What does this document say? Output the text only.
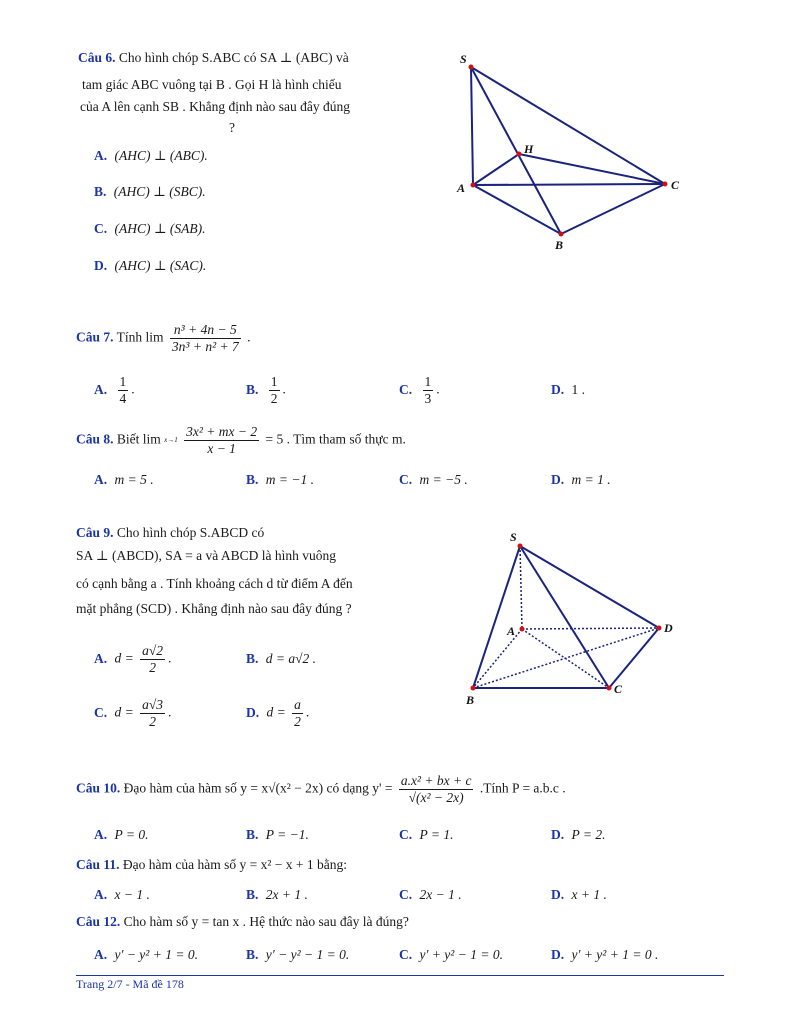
Câu 6. Cho hình chóp S.ABC có SA ⊥ (ABC) và
tam giác ABC vuông tại B . Gọi H là hình chiếu
của A lên cạnh SB . Khẳng định nào sau đây đúng
?
A. (AHC) ⊥ (ABC).
B. (AHC) ⊥ (SBC).
C. (AHC) ⊥ (SAB).
D. (AHC) ⊥ (SAC).
S
H
A	C
B
Câu 7. Tính $\lim \frac{\text{n³ + 4n − 5}}{\text{3n³ + n² + 7}}$ .
A. $\frac{1}{4}$ .	B. $\frac{1}{2}$ .	C. $\frac{1}{3}$ .	D. 1 .
Câu 8. Biết lim x→1
$\frac{\text{3x² + mx − 2}}{x - 1} = 5$ . Tìm tham số thực m.
A. m = 5 .	B. m = −1 .	C. m = −5 .	D. m = 1 .
Câu 9. Cho hình chóp S.ABCD có
SA ⊥ (ABCD), SA = a và ABCD là hình vuông
có cạnh bằng a . Tính khoảng cách d từ điểm A đến
mặt phẳng (SCD) . Khẳng định nào sau đây đúng ?
A. $d = \frac{a√2}{2}$ .	B. d = a√2 .
C. $d = \frac{a√3}{2}$ .	D. $d = \frac{a}{2}$ .
S
A	D
B
C
Câu 10. Đạo hàm của hàm số y = x√(x² − 2x) có dạng $y' = \frac{\text{a.x² + bx + c}}{\text{√(x² − 2x)}}$ .Tính P = a.b.c .
A. P = 0.	B. P = −1.	C. P = 1.	D. P = 2.
Câu 11. Đạo hàm của hàm số y = x² − x + 1 bằng:
A. x − 1 .	B. 2x + 1 .	C. 2x − 1 .	D. x + 1 .
Câu 12. Cho hàm số y = tan x . Hệ thức nào sau đây là đúng?
A. y′ − y² + 1 = 0.	B. y′ − y² − 1 = 0.	C. y′ + y² − 1 = 0.	D. y′ + y² + 1 = 0 .
Trang 2/7 - Mã đề 178
